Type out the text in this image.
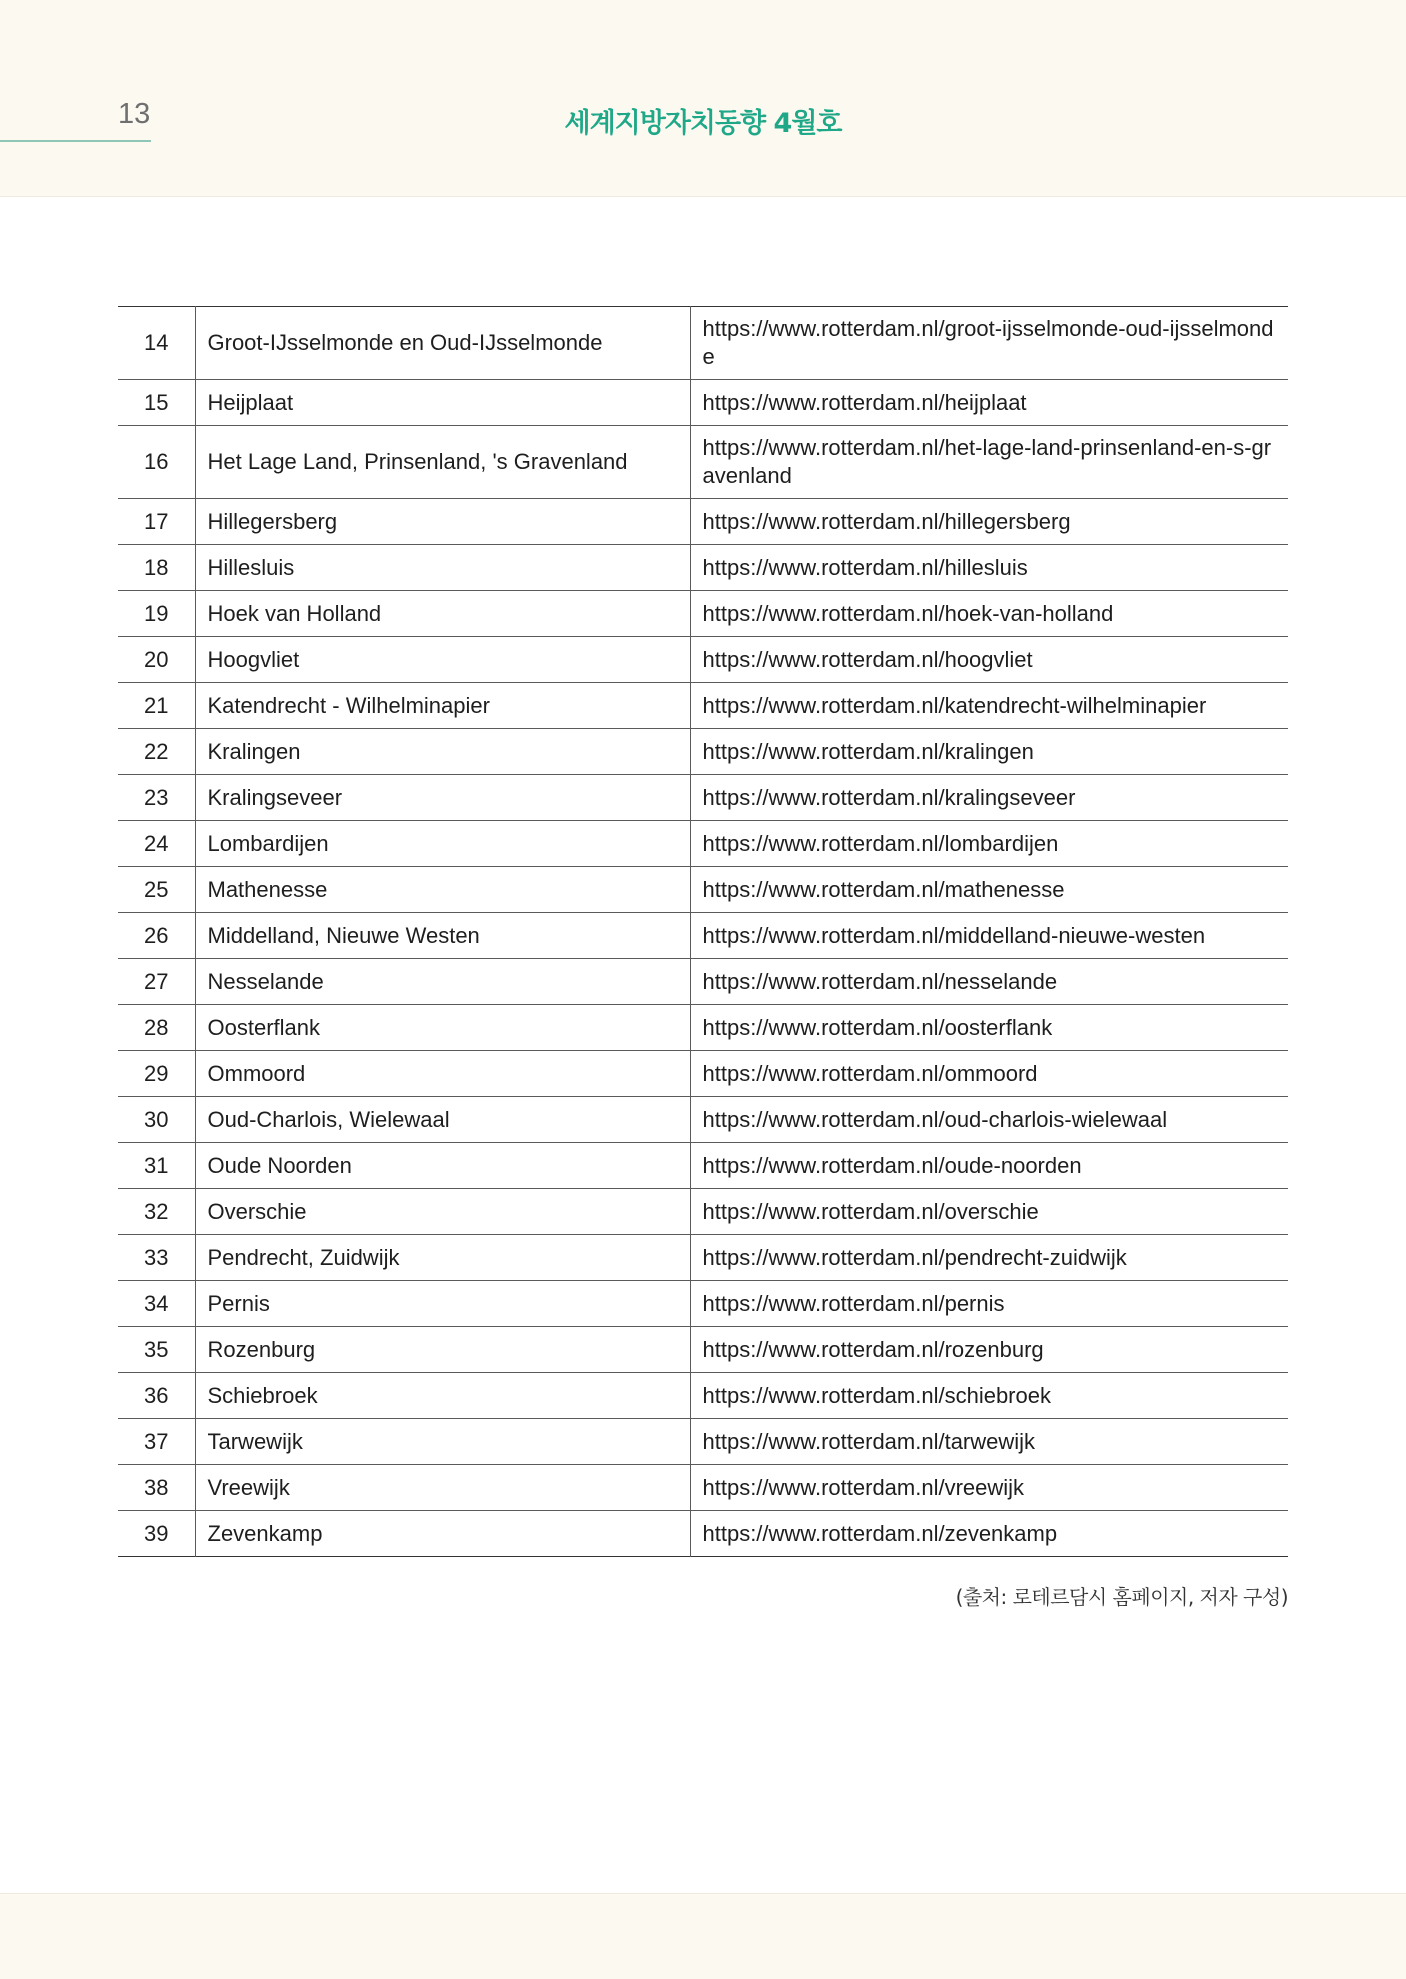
13	세계지방자치동향 4월호
14	Groot-IJsselmonde en Oud-IJsselmonde	https://www.rotterdam.nl/groot-ijsselmonde-oud-ijsselmonde
15	Heijplaat	https://www.rotterdam.nl/heijplaat
16	Het Lage Land, Prinsenland, 's Gravenland	https://www.rotterdam.nl/het-lage-land-prinsenland-en-s-gravenland
17	Hillegersberg	https://www.rotterdam.nl/hillegersberg
18	Hillesluis	https://www.rotterdam.nl/hillesluis
19	Hoek van Holland	https://www.rotterdam.nl/hoek-van-holland
20	Hoogvliet	https://www.rotterdam.nl/hoogvliet
21	Katendrecht - Wilhelminapier	https://www.rotterdam.nl/katendrecht-wilhelminapier
22	Kralingen	https://www.rotterdam.nl/kralingen
23	Kralingseveer	https://www.rotterdam.nl/kralingseveer
24	Lombardijen	https://www.rotterdam.nl/lombardijen
25	Mathenesse	https://www.rotterdam.nl/mathenesse
26	Middelland, Nieuwe Westen	https://www.rotterdam.nl/middelland-nieuwe-westen
27	Nesselande	https://www.rotterdam.nl/nesselande
28	Oosterflank	https://www.rotterdam.nl/oosterflank
29	Ommoord	https://www.rotterdam.nl/ommoord
30	Oud-Charlois, Wielewaal	https://www.rotterdam.nl/oud-charlois-wielewaal
31	Oude Noorden	https://www.rotterdam.nl/oude-noorden
32	Overschie	https://www.rotterdam.nl/overschie
33	Pendrecht, Zuidwijk	https://www.rotterdam.nl/pendrecht-zuidwijk
34	Pernis	https://www.rotterdam.nl/pernis
35	Rozenburg	https://www.rotterdam.nl/rozenburg
36	Schiebroek	https://www.rotterdam.nl/schiebroek
37	Tarwewijk	https://www.rotterdam.nl/tarwewijk
38	Vreewijk	https://www.rotterdam.nl/vreewijk
39	Zevenkamp	https://www.rotterdam.nl/zevenkamp
(출처: 로테르담시 홈페이지, 저자 구성)
